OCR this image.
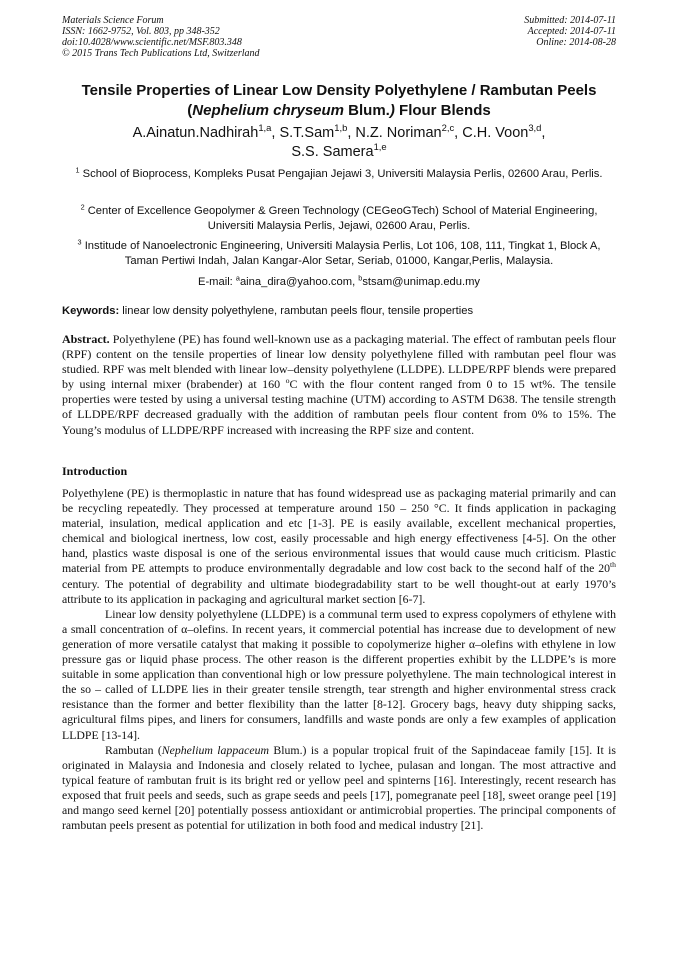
Materials Science Forum
ISSN: 1662-9752, Vol. 803, pp 348-352
doi:10.4028/www.scientific.net/MSF.803.348
© 2015 Trans Tech Publications Ltd, Switzerland
Submitted: 2014-07-11
Accepted: 2014-07-11
Online: 2014-08-28
Tensile Properties of Linear Low Density Polyethylene / Rambutan Peels
(Nephelium chryseum Blum.) Flour Blends
A.Ainatun.Nadhirah$^{1,a}$, S.T.Sam$^{1,b}$, N.Z. Noriman$^{2,c}$, C.H. Voon$^{3,d}$,
S.S. Samera$^{1,e}$
$^1$ School of Bioprocess, Kompleks Pusat Pengajian Jejawi 3, Universiti Malaysia Perlis, 02600 Arau, Perlis.
$^2$ Center of Excellence Geopolymer & Green Technology (CEGeoGTech) School of Material Engineering, Universiti Malaysia Perlis, Jejawi, 02600 Arau, Perlis.
$^3$ Institude of Nanoelectronic Engineering, Universiti Malaysia Perlis, Lot 106, 108, 111, Tingkat 1, Block A, Taman Pertiwi Indah, Jalan Kangar-Alor Setar, Seriab, 01000, Kangar,Perlis, Malaysia.
E-mail: $^a$aina_dira@yahoo.com, $^b$stsam@unimap.edu.my
Keywords: linear low density polyethylene, rambutan peels flour, tensile properties
Abstract. Polyethylene (PE) has found well-known use as a packaging material. The effect of rambutan peels flour (RPF) content on the tensile properties of linear low density polyethylene filled with rambutan peel flour was studied. RPF was melt blended with linear low–density polyethylene (LLDPE). LLDPE/RPF blends were prepared by using internal mixer (brabender) at 160 $^o$C with the flour content ranged from 0 to 15 wt%. The tensile properties were tested by using a universal testing machine (UTM) according to ASTM D638. The tensile strength of LLDPE/RPF decreased gradually with the addition of rambutan peels flour content from 0% to 15%. The Young’s modulus of LLDPE/RPF increased with increasing the RPF size and content.
Introduction

Polyethylene (PE) is thermoplastic in nature that has found widespread use as packaging material primarily and can be recycling repeatedly. They processed at temperature around 150 – 250 °C. It finds application in packaging material, insulation, medical application and etc [1-3]. PE is easily available, excellent mechanical properties, chemical and biological inertness, low cost, easily processable and high energy effectiveness [4-5]. On the other hand, plastics waste disposal is one of the serious environmental issues that would cause much criticism. Plastic material from PE attempts to produce environmentally degradable and low cost back to the second half of the 20th century. The potential of degrability and ultimate biodegradability start to be well thought-out at early 1970’s attribute to its application in packaging and agricultural market section [6-7].

Linear low density polyethylene (LLDPE) is a communal term used to express copolymers of ethylene with a small concentration of α–olefins. In recent years, it commercial potential has increase due to development of new generation of more versatile catalyst that making it possible to copolymerize higher α–olefins with ethylene in low pressure gas or liquid phase process. The other reason is the different properties exhibit by the LLDPE’s is more suitable in some application than conventional high or low pressure polyethylene. The main technological interest in the so – called of LLDPE lies in their greater tensile strength, tear strength and higher environmental stress crack resistance than the former and better flexibility than the latter [8-12]. Grocery bags, heavy duty shipping sacks, agricultural films pipes, and liners for consumers, landfills and waste ponds are only a few examples of application LLDPE [13-14].

Rambutan (Nephelium lappaceum Blum.) is a popular tropical fruit of the Sapindaceae family [15]. It is originated in Malaysia and Indonesia and closely related to lychee, pulasan and longan. The most attractive and typical feature of rambutan fruit is its bright red or yellow peel and spinterns [16]. Interestingly, recent research has exposed that fruit peels and seeds, such as grape seeds and peels [17], pomegranate peel [18], sweet orange peel [19] and mango seed kernel [20] potentially possess antioxidant or antimicrobial properties. The principal components of rambutan peels present as potential for utilization in both food and medical industry [21].
